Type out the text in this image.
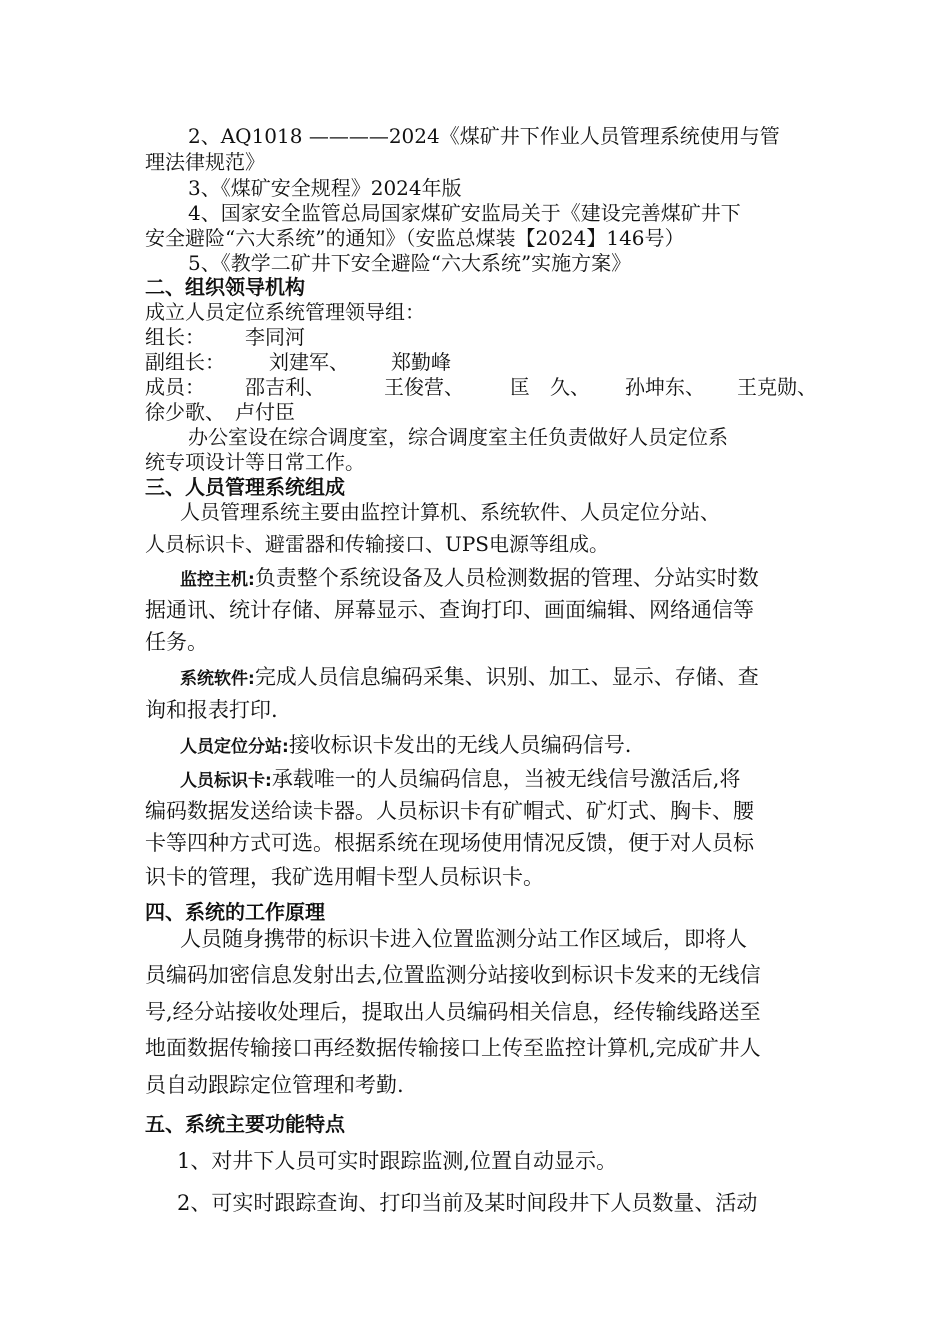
2、AQ1018 ————2024《煤矿井下作业人员管理系统使用与管

理法律规范》

3、《煤矿安全规程》2024年版

4、国家安全监管总局国家煤矿安监局关于《建设完善煤矿井下

安全避险“六大系统”的通知》（安监总煤装【2024】146号）

5、《教学二矿井下安全避险“六大系统”实施方案》

二、组织领导机构

成立人员定位系统管理领导组：

组长： 李同河
副组长： 刘建军、 郑勤峰
成员： 邵吉利、	王俊营、 匡　久、 孙坤东、 王克勋、

徐少歌、　卢付臣

办公室设在综合调度室，综合调度室主任负责做好人员定位系

统专项设计等日常工作。

三、人员管理系统组成

人员管理系统主要由监控计算机、系统软件、人员定位分站、

人员标识卡、避雷器和传输接口、UPS电源等组成。

监控主机:负责整个系统设备及人员检测数据的管理、分站实时数

据通讯、统计存储、屏幕显示、查询打印、画面编辑、网络通信等

任务。

系统软件:完成人员信息编码采集、识别、加工、显示、存储、查

询和报表打印.

人员定位分站:接收标识卡发出的无线人员编码信号.

人员标识卡:承载唯一的人员编码信息，当被无线信号激活后,将

编码数据发送给读卡器。人员标识卡有矿帽式、矿灯式、胸卡、腰

卡等四种方式可选。根据系统在现场使用情况反馈，便于对人员标

识卡的管理，我矿选用帽卡型人员标识卡。

四、系统的工作原理

人员随身携带的标识卡进入位置监测分站工作区域后，即将人

员编码加密信息发射出去,位置监测分站接收到标识卡发来的无线信

号,经分站接收处理后，提取出人员编码相关信息，经传输线路送至

地面数据传输接口再经数据传输接口上传至监控计算机,完成矿井人

员自动跟踪定位管理和考勤.

五、系统主要功能特点

1、对井下人员可实时跟踪监测,位置自动显示。

2、可实时跟踪查询、打印当前及某时间段井下人员数量、活动
